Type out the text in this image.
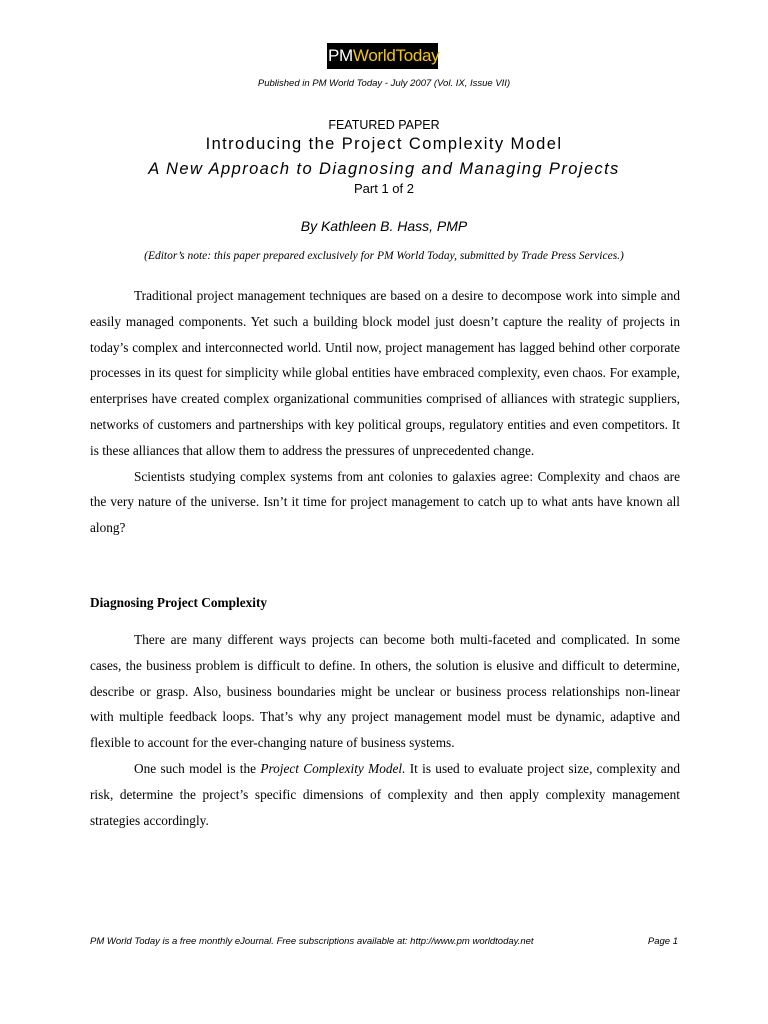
PMWorldToday
Published in PM World Today - July 2007 (Vol. IX, Issue VII)
FEATURED PAPER
Introducing the Project Complexity Model
A New Approach to Diagnosing and Managing Projects
Part 1 of 2
By Kathleen B. Hass, PMP
(Editor’s note: this paper prepared exclusively for PM World Today, submitted by Trade Press Services.)

Traditional project management techniques are based on a desire to decompose work into simple and easily managed components. Yet such a building block model just doesn’t capture the reality of projects in today’s complex and interconnected world. Until now, project management has lagged behind other corporate processes in its quest for simplicity while global entities have embraced complexity, even chaos. For example, enterprises have created complex organizational communities comprised of alliances with strategic suppliers, networks of customers and partnerships with key political groups, regulatory entities and even competitors. It is these alliances that allow them to address the pressures of unprecedented change.

Scientists studying complex systems from ant colonies to galaxies agree: Complexity and chaos are the very nature of the universe. Isn’t it time for project management to catch up to what ants have known all along?

Diagnosing Project Complexity

There are many different ways projects can become both multi-faceted and complicated. In some cases, the business problem is difficult to define. In others, the solution is elusive and difficult to determine, describe or grasp. Also, business boundaries might be unclear or business process relationships non-linear with multiple feedback loops. That’s why any project management model must be dynamic, adaptive and flexible to account for the ever-changing nature of business systems.

One such model is the Project Complexity Model. It is used to evaluate project size, complexity and risk, determine the project’s specific dimensions of complexity and then apply complexity management strategies accordingly.

PM World Today is a free monthly eJournal. Free subscriptions available at: http://www.pm worldtoday.net	Page 1
